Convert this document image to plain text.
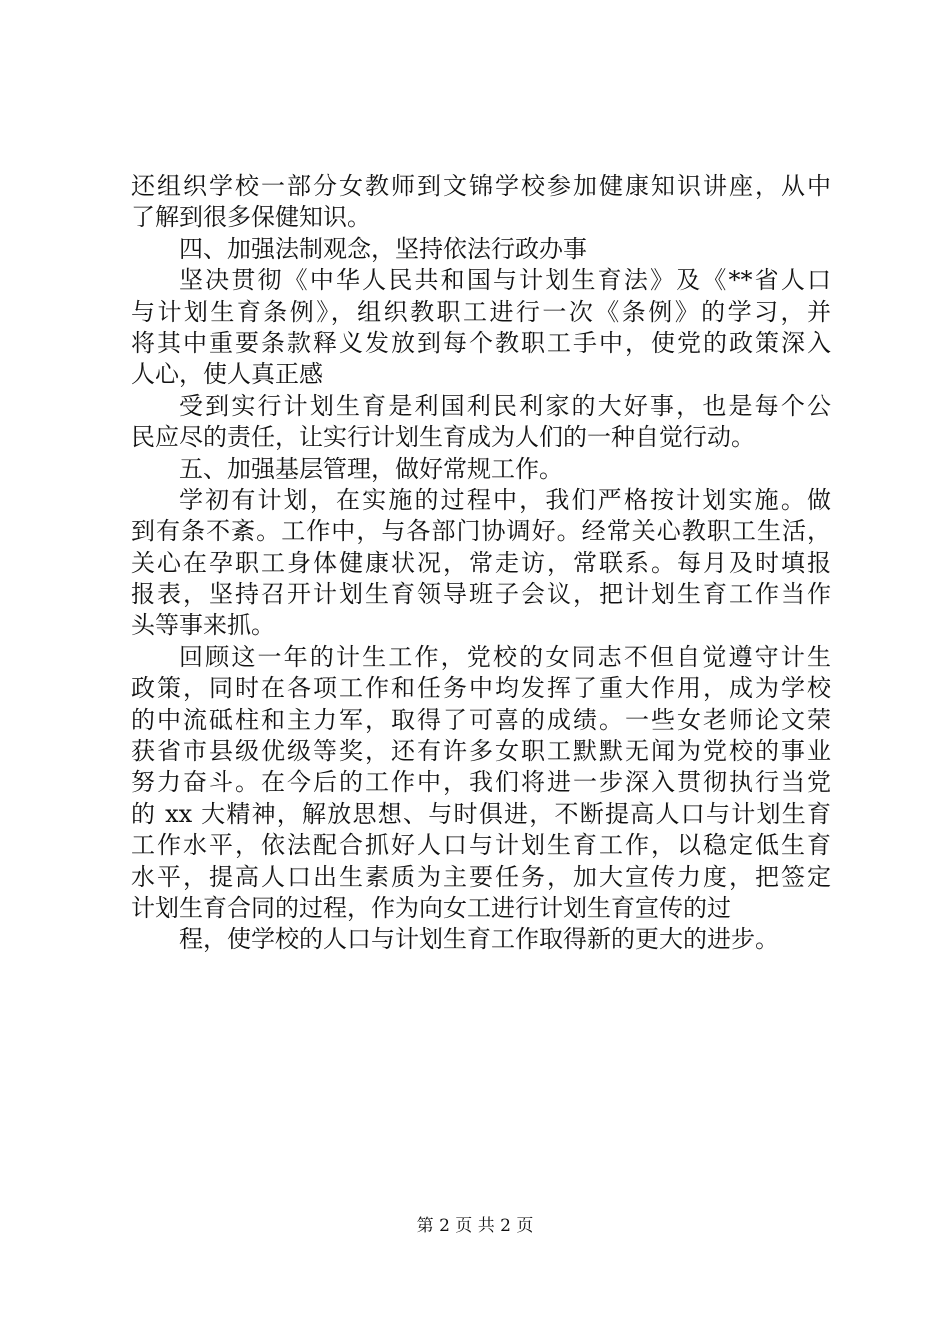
还组织学校一部分女教师到文锦学校参加健康知识讲座，从中
了解到很多保健知识。
四、加强法制观念，坚持依法行政办事
坚决贯彻《中华人民共和国与计划生育法》及《**省人口
与计划生育条例》，组织教职工进行一次《条例》的学习，并
将其中重要条款释义发放到每个教职工手中，使党的政策深入
人心，使人真正感
受到实行计划生育是利国利民利家的大好事，也是每个公
民应尽的责任，让实行计划生育成为人们的一种自觉行动。
五、加强基层管理，做好常规工作。
学初有计划，在实施的过程中，我们严格按计划实施。做
到有条不紊。工作中，与各部门协调好。经常关心教职工生活，
关心在孕职工身体健康状况，常走访，常联系。每月及时填报
报表，坚持召开计划生育领导班子会议，把计划生育工作当作
头等事来抓。
回顾这一年的计生工作，党校的女同志不但自觉遵守计生
政策，同时在各项工作和任务中均发挥了重大作用，成为学校
的中流砥柱和主力军，取得了可喜的成绩。一些女老师论文荣
获省市县级优级等奖，还有许多女职工默默无闻为党校的事业
努力奋斗。在今后的工作中，我们将进一步深入贯彻执行当党
的 xx 大精神，解放思想、与时俱进，不断提高人口与计划生育
工作水平，依法配合抓好人口与计划生育工作，以稳定低生育
水平，提高人口出生素质为主要任务，加大宣传力度，把签定
计划生育合同的过程，作为向女工进行计划生育宣传的过
程，使学校的人口与计划生育工作取得新的更大的进步。
第 2 页 共 2 页
